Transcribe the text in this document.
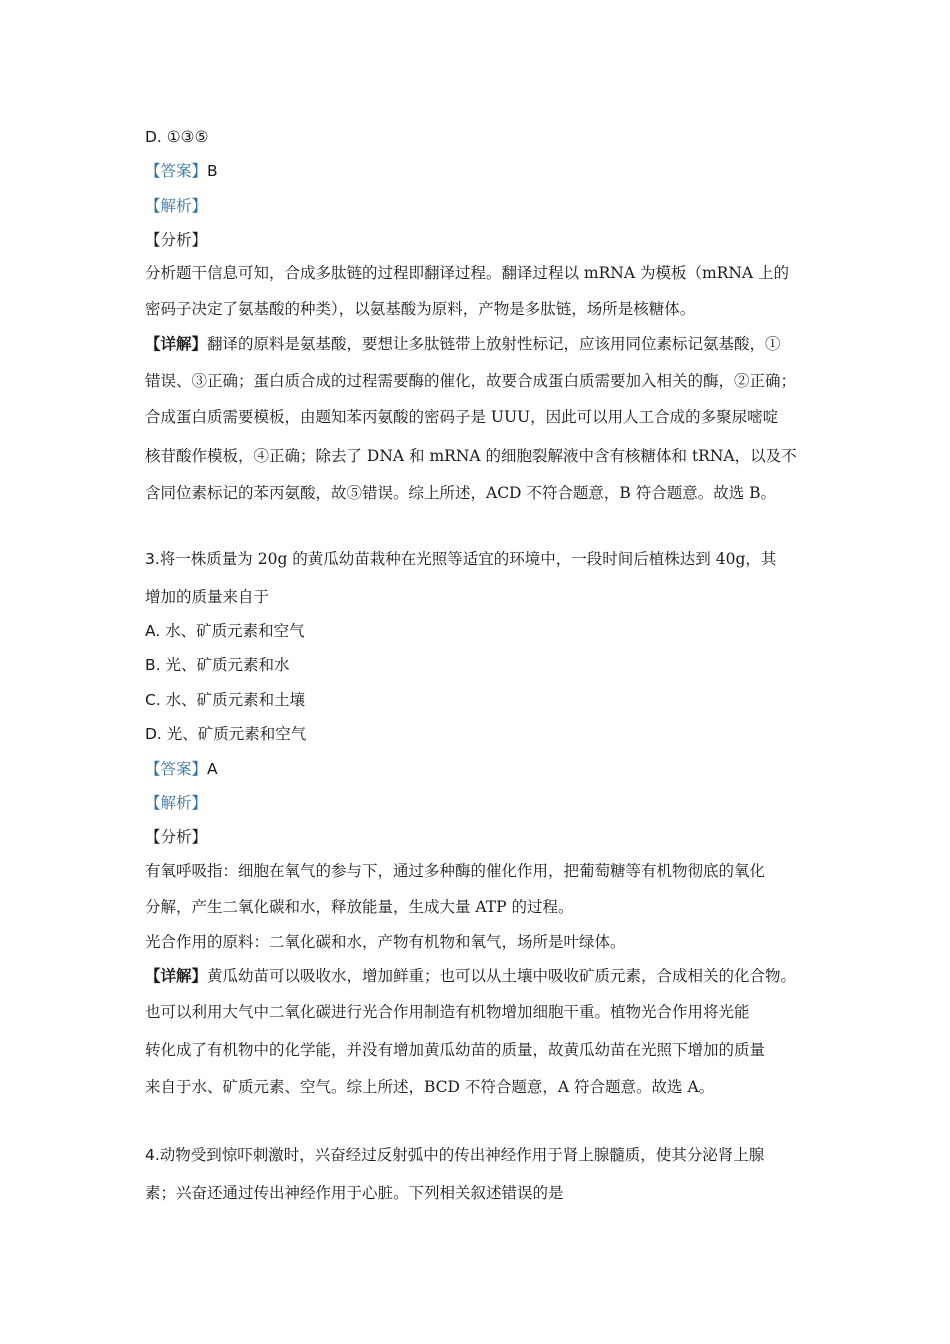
D. ①③⑤
【答案】B
【解析】
【分析】
分析题干信息可知，合成多肽链的过程即翻译过程。翻译过程以 mRNA 为模板（mRNA 上的
密码子决定了氨基酸的种类），以氨基酸为原料，产物是多肽链，场所是核糖体。
【详解】翻译的原料是氨基酸，要想让多肽链带上放射性标记，应该用同位素标记氨基酸，①
错误、③正确；蛋白质合成的过程需要酶的催化，故要合成蛋白质需要加入相关的酶，②正确；
合成蛋白质需要模板，由题知苯丙氨酸的密码子是 UUU，因此可以用人工合成的多聚尿嘧啶
核苷酸作模板，④正确；除去了 DNA 和 mRNA 的细胞裂解液中含有核糖体和 tRNA，以及不
含同位素标记的苯丙氨酸，故⑤错误。综上所述，ACD 不符合题意，B 符合题意。故选 B。
3.将一株质量为 20g 的黄瓜幼苗栽种在光照等适宜的环境中，一段时间后植株达到 40g，其
增加的质量来自于
A. 水、矿质元素和空气
B. 光、矿质元素和水
C. 水、矿质元素和土壤
D. 光、矿质元素和空气
【答案】A
【解析】
【分析】
有氧呼吸指：细胞在氧气的参与下，通过多种酶的催化作用，把葡萄糖等有机物彻底的氧化
分解，产生二氧化碳和水，释放能量，生成大量 ATP 的过程。
光合作用的原料：二氧化碳和水，产物有机物和氧气，场所是叶绿体。
【详解】黄瓜幼苗可以吸收水，增加鲜重；也可以从土壤中吸收矿质元素，合成相关的化合物。
也可以利用大气中二氧化碳进行光合作用制造有机物增加细胞干重。植物光合作用将光能
转化成了有机物中的化学能，并没有增加黄瓜幼苗的质量，故黄瓜幼苗在光照下增加的质量
来自于水、矿质元素、空气。综上所述，BCD 不符合题意，A 符合题意。故选 A。
4.动物受到惊吓刺激时，兴奋经过反射弧中的传出神经作用于肾上腺髓质，使其分泌肾上腺
素；兴奋还通过传出神经作用于心脏。下列相关叙述错误的是
